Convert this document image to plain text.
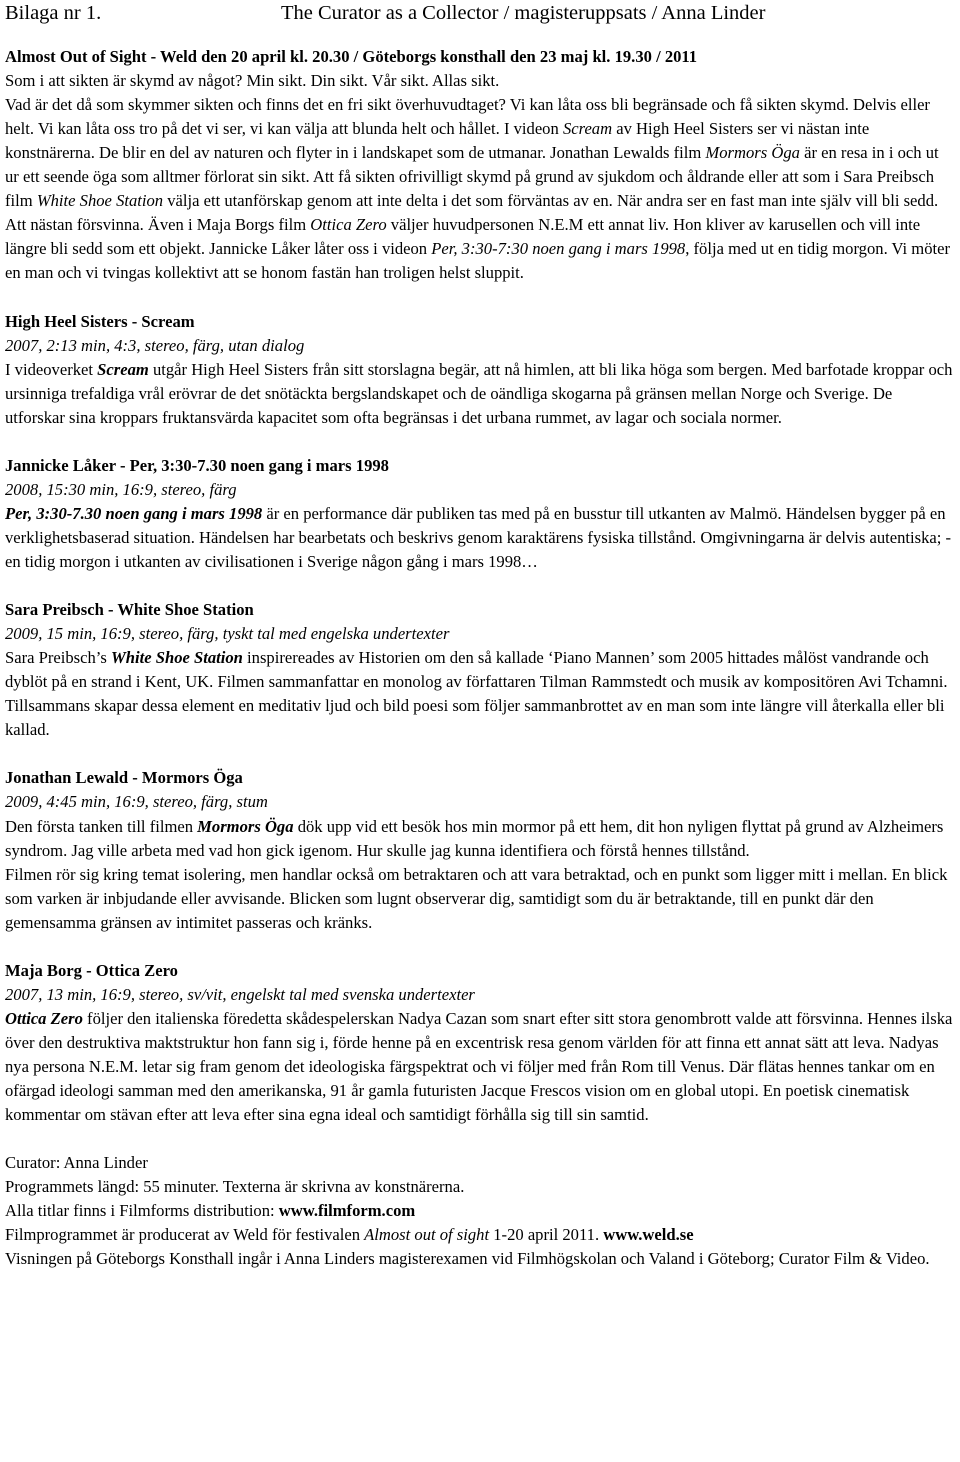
Bilaga nr 1.	The Curator as a Collector / magisteruppsats / Anna Linder

Almost Out of Sight - Weld den 20 april kl. 20.30 / Göteborgs konsthall den 23 maj kl. 19.30 / 2011

Som i att sikten är skymd av något? Min sikt. Din sikt. Vår sikt. Allas sikt.

Vad är det då som skymmer sikten och finns det en fri sikt överhuvudtaget? Vi kan låta oss bli begränsade och få sikten skymd. Delvis eller helt. Vi kan låta oss tro på det vi ser, vi kan välja att blunda helt och hållet. I videon Scream av High Heel Sisters ser vi nästan inte konstnärerna. De blir en del av naturen och flyter in i landskapet som de utmanar. Jonathan Lewalds film Mormors Öga är en resa in i och ut ur ett seende öga som alltmer förlorat sin sikt. Att få sikten ofrivilligt skymd på grund av sjukdom och åldrande eller att som i Sara Preibsch film White Shoe Station välja ett utanförskap genom att inte delta i det som förväntas av en. När andra ser en fast man inte själv vill bli sedd. Att nästan försvinna. Även i Maja Borgs film Ottica Zero väljer huvudpersonen N.E.M ett annat liv. Hon kliver av karusellen och vill inte längre bli sedd som ett objekt. Jannicke Låker låter oss i videon Per, 3:30-7:30 noen gang i mars 1998, följa med ut en tidig morgon. Vi möter en man och vi tvingas kollektivt att se honom fastän han troligen helst sluppit.

High Heel Sisters - Scream

2007, 2:13 min, 4:3, stereo, färg, utan dialog

I videoverket Scream utgår High Heel Sisters från sitt storslagna begär, att nå himlen, att bli lika höga som bergen. Med barfotade kroppar och ursinniga trefaldiga vrål erövrar de det snötäckta bergslandskapet och de oändliga skogarna på gränsen mellan Norge och Sverige. De utforskar sina kroppars fruktansvärda kapacitet som ofta begränsas i det urbana rummet, av lagar och sociala normer.

Jannicke Låker - Per, 3:30-7.30 noen gang i mars 1998

2008, 15:30 min, 16:9, stereo, färg

Per, 3:30-7.30 noen gang i mars 1998 är en performance där publiken tas med på en busstur till utkanten av Malmö. Händelsen bygger på en verklighetsbaserad situation. Händelsen har bearbetats och beskrivs genom karaktärens fysiska tillstånd. Omgivningarna är delvis autentiska; - en tidig morgon i utkanten av civilisationen i Sverige någon gång i mars 1998…

Sara Preibsch - White Shoe Station

2009, 15 min, 16:9, stereo, färg, tyskt tal med engelska undertexter

Sara Preibsch’s White Shoe Station inspirereades av Historien om den så kallade ‘Piano Mannen’ som 2005 hittades målöst vandrande och dyblöt på en strand i Kent, UK. Filmen sammanfattar en monolog av författaren Tilman Rammstedt och musik av kompositören Avi Tchamni. Tillsammans skapar dessa element en meditativ ljud och bild poesi som följer sammanbrottet av en man som inte längre vill återkalla eller bli kallad.

Jonathan Lewald - Mormors Öga

2009, 4:45 min, 16:9, stereo, färg, stum

Den första tanken till filmen Mormors Öga dök upp vid ett besök hos min mormor på ett hem, dit hon nyligen flyttat på grund av Alzheimers syndrom. Jag ville arbeta med vad hon gick igenom. Hur skulle jag kunna identifiera och förstå hennes tillstånd.

Filmen rör sig kring temat isolering, men handlar också om betraktaren och att vara betraktad, och en punkt som ligger mitt i mellan. En blick som varken är inbjudande eller avvisande. Blicken som lugnt observerar dig, samtidigt som du är betraktande, till en punkt där den gemensamma gränsen av intimitet passeras och kränks.

Maja Borg - Ottica Zero

2007, 13 min, 16:9, stereo, sv/vit, engelskt tal med svenska undertexter

Ottica Zero följer den italienska föredetta skådespelerskan Nadya Cazan som snart efter sitt stora genombrott valde att försvinna. Hennes ilska över den destruktiva maktstruktur hon fann sig i, förde henne på en excentrisk resa genom världen för att finna ett annat sätt att leva. Nadyas nya persona N.E.M. letar sig fram genom det ideologiska färgspektrat och vi följer med från Rom till Venus. Där flätas hennes tankar om en ofärgad ideologi samman med den amerikanska, 91 år gamla futuristen Jacque Frescos vision om en global utopi. En poetisk cinematisk kommentar om stävan efter att leva efter sina egna ideal och samtidigt förhålla sig till sin samtid.

Curator: Anna Linder

Programmets längd: 55 minuter. Texterna är skrivna av konstnärerna.

Alla titlar finns i Filmforms distribution: www.filmform.com

Filmprogrammet är producerat av Weld för festivalen Almost out of sight 1-20 april 2011. www.weld.se

Visningen på Göteborgs Konsthall ingår i Anna Linders magisterexamen vid Filmhögskolan och Valand i Göteborg; Curator Film & Video.
